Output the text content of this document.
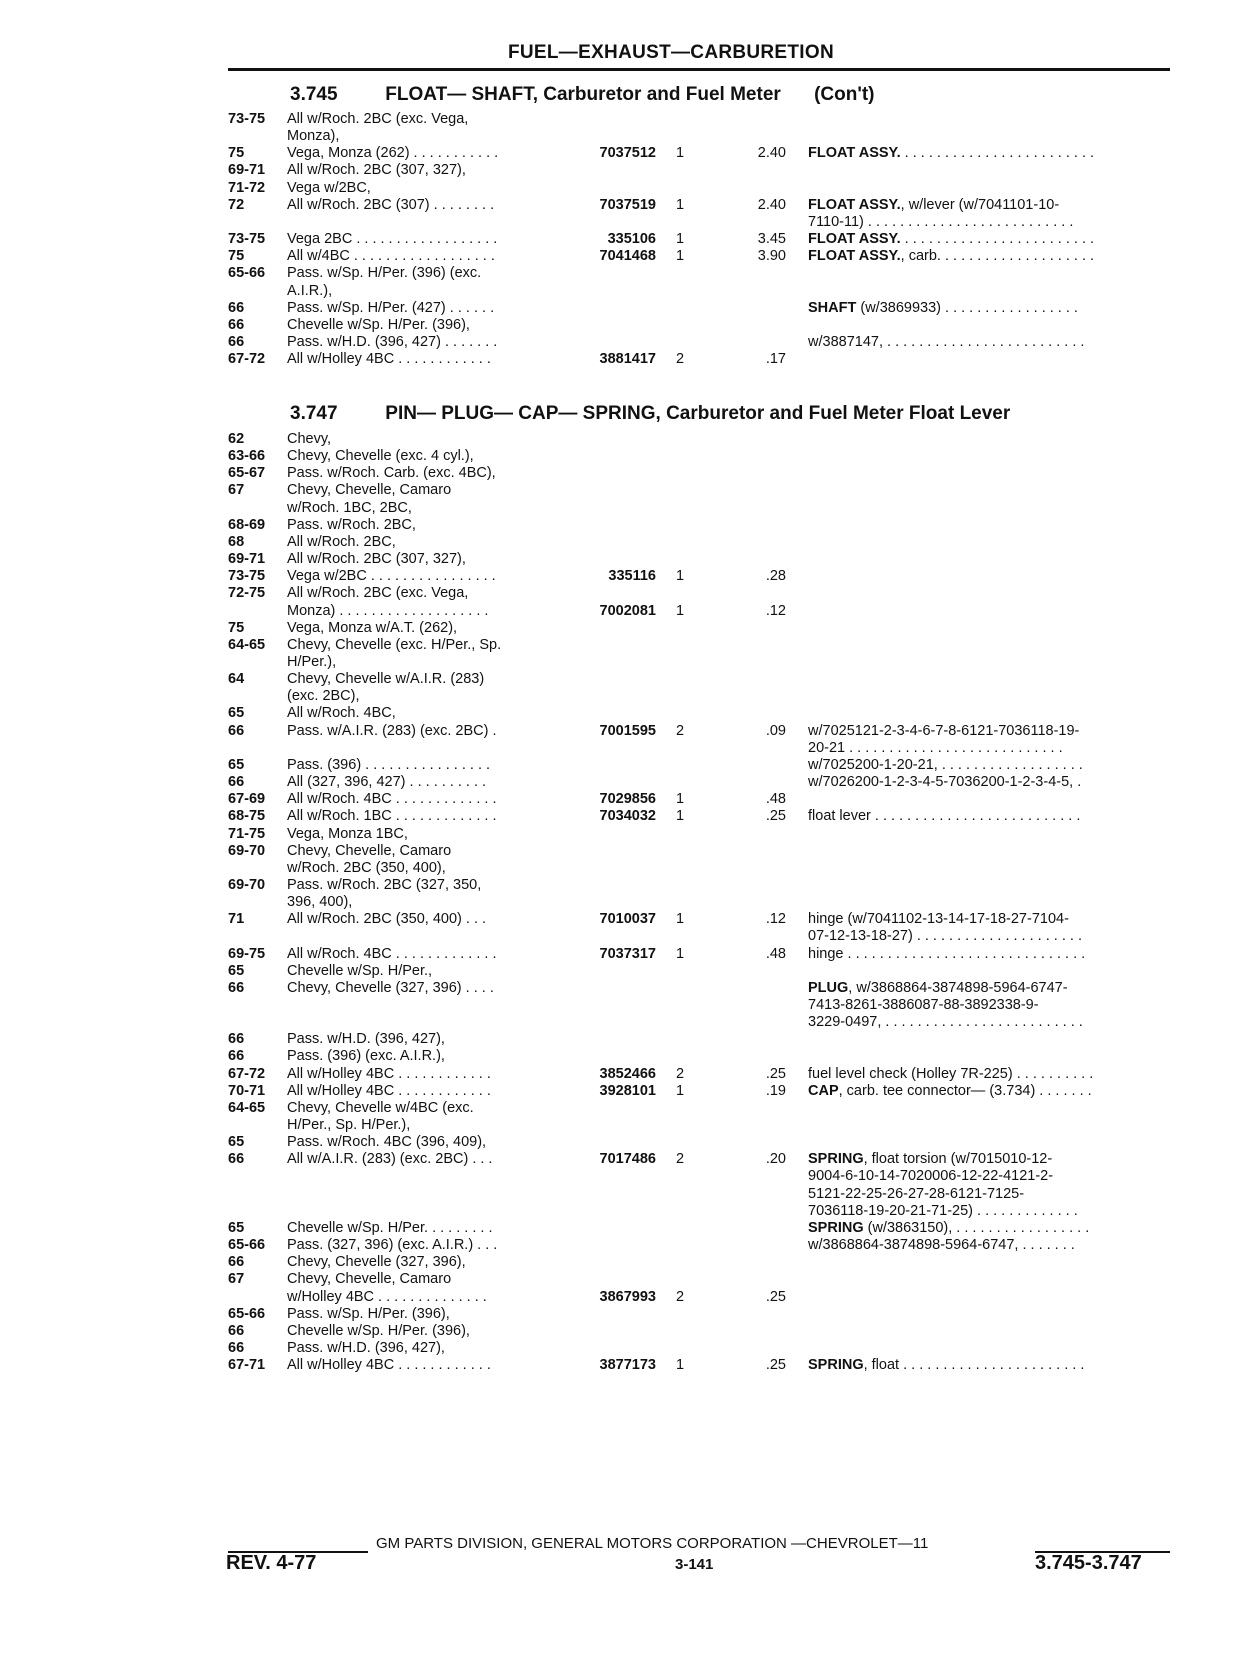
FUEL—EXHAUST—CARBURETION
3.745	FLOAT— SHAFT, Carburetor and Fuel Meter (Con't)
3.747	PIN— PLUG— CAP— SPRING, Carburetor and Fuel Meter Float Lever
73-75 All w/Roch. 2BC (exc. Vega,
Monza),
75	Vega, Monza (262) . . . . . . . . . . .	7037512 1	2.40 FLOAT ASSY. . . . . . . . . . . . . . . . . . . . . . . . .
69-71 All w/Roch. 2BC (307, 327),
71-72 Vega w/2BC,
72	All w/Roch. 2BC (307) . . . . . . . .	7037519 1	2.40 FLOAT ASSY., w/lever (w/7041101-10-
7110-11) . . . . . . . . . . . . . . . . . . . . . . . . . .
73-75 Vega 2BC . . . . . . . . . . . . . . . . . .	335106 1	3.45 FLOAT ASSY. . . . . . . . . . . . . . . . . . . . . . . . .
75	All w/4BC . . . . . . . . . . . . . . . . . .	7041468 1	3.90 FLOAT ASSY., carb. . . . . . . . . . . . . . . . . . . .
65-66 Pass. w/Sp. H/Per. (396) (exc.
A.I.R.),
66	Pass. w/Sp. H/Per. (427) . . . . . .	SHAFT (w/3869933) . . . . . . . . . . . . . . . . .
66	Chevelle w/Sp. H/Per. (396),
66	Pass. w/H.D. (396, 427) . . . . . . .	w/3887147, . . . . . . . . . . . . . . . . . . . . . . . . .
67-72 All w/Holley 4BC . . . . . . . . . . . .	3881417 2	.17
62	Chevy,
63-66 Chevy, Chevelle (exc. 4 cyl.),
65-67 Pass. w/Roch. Carb. (exc. 4BC),
67	Chevy, Chevelle, Camaro
w/Roch. 1BC, 2BC,
68-69 Pass. w/Roch. 2BC,
68	All w/Roch. 2BC,
69-71 All w/Roch. 2BC (307, 327),
73-75 Vega w/2BC . . . . . . . . . . . . . . . .	335116 1	.28
72-75 All w/Roch. 2BC (exc. Vega,
Monza) . . . . . . . . . . . . . . . . . . .	7002081 1	.12
75	Vega, Monza w/A.T. (262),
64-65 Chevy, Chevelle (exc. H/Per., Sp.
H/Per.),
64	Chevy, Chevelle w/A.I.R. (283)
(exc. 2BC),
65	All w/Roch. 4BC,
66	Pass. w/A.I.R. (283) (exc. 2BC) .	7001595 2	.09 w/7025121-2-3-4-6-7-8-6121-7036118-19-
20-21 . . . . . . . . . . . . . . . . . . . . . . . . . . .
65	Pass. (396) . . . . . . . . . . . . . . . .	w/7025200-1-20-21, . . . . . . . . . . . . . . . . . .
66	All (327, 396, 427) . . . . . . . . . .	w/7026200-1-2-3-4-5-7036200-1-2-3-4-5, .
67-69 All w/Roch. 4BC . . . . . . . . . . . . .	7029856 1	.48
68-75 All w/Roch. 1BC . . . . . . . . . . . . .	7034032 1	.25 float lever . . . . . . . . . . . . . . . . . . . . . . . . . .
71-75 Vega, Monza 1BC,
69-70 Chevy, Chevelle, Camaro
w/Roch. 2BC (350, 400),
69-70 Pass. w/Roch. 2BC (327, 350,
396, 400),
71	All w/Roch. 2BC (350, 400) . . .	7010037 1	.12 hinge (w/7041102-13-14-17-18-27-7104-
07-12-13-18-27) . . . . . . . . . . . . . . . . . . . . .
69-75 All w/Roch. 4BC . . . . . . . . . . . . .	7037317 1	.48 hinge . . . . . . . . . . . . . . . . . . . . . . . . . . . . . .
65	Chevelle w/Sp. H/Per.,
66	Chevy, Chevelle (327, 396) . . . .	PLUG, w/3868864-3874898-5964-6747-
7413-8261-3886087-88-3892338-9-
3229-0497, . . . . . . . . . . . . . . . . . . . . . . . . .
66	Pass. w/H.D. (396, 427),
66	Pass. (396) (exc. A.I.R.),
67-72 All w/Holley 4BC . . . . . . . . . . . .	3852466 2	.25 fuel level check (Holley 7R-225) . . . . . . . . . .
70-71 All w/Holley 4BC . . . . . . . . . . . .	3928101 1	.19 CAP, carb. tee connector— (3.734) . . . . . . .
64-65 Chevy, Chevelle w/4BC (exc.
H/Per., Sp. H/Per.),
65	Pass. w/Roch. 4BC (396, 409),
66	All w/A.I.R. (283) (exc. 2BC) . . .	7017486 2	.20 SPRING, float torsion (w/7015010-12-
9004-6-10-14-7020006-12-22-4121-2-
5121-22-25-26-27-28-6121-7125-
7036118-19-20-21-71-25) . . . . . . . . . . . . .
65	Chevelle w/Sp. H/Per. . . . . . . . .	SPRING (w/3863150), . . . . . . . . . . . . . . . . .
65-66 Pass. (327, 396) (exc. A.I.R.) . . .	w/3868864-3874898-5964-6747, . . . . . . .
66	Chevy, Chevelle (327, 396),
67	Chevy, Chevelle, Camaro
w/Holley 4BC . . . . . . . . . . . . . .	3867993 2	.25
65-66 Pass. w/Sp. H/Per. (396),
66	Chevelle w/Sp. H/Per. (396),
66	Pass. w/H.D. (396, 427),
67-71 All w/Holley 4BC . . . . . . . . . . . .	3877173 1	.25 SPRING, float . . . . . . . . . . . . . . . . . . . . . . .
GM PARTS DIVISION, GENERAL MOTORS CORPORATION —CHEVROLET—11
REV. 4-77	3-141	3.745-3.747
